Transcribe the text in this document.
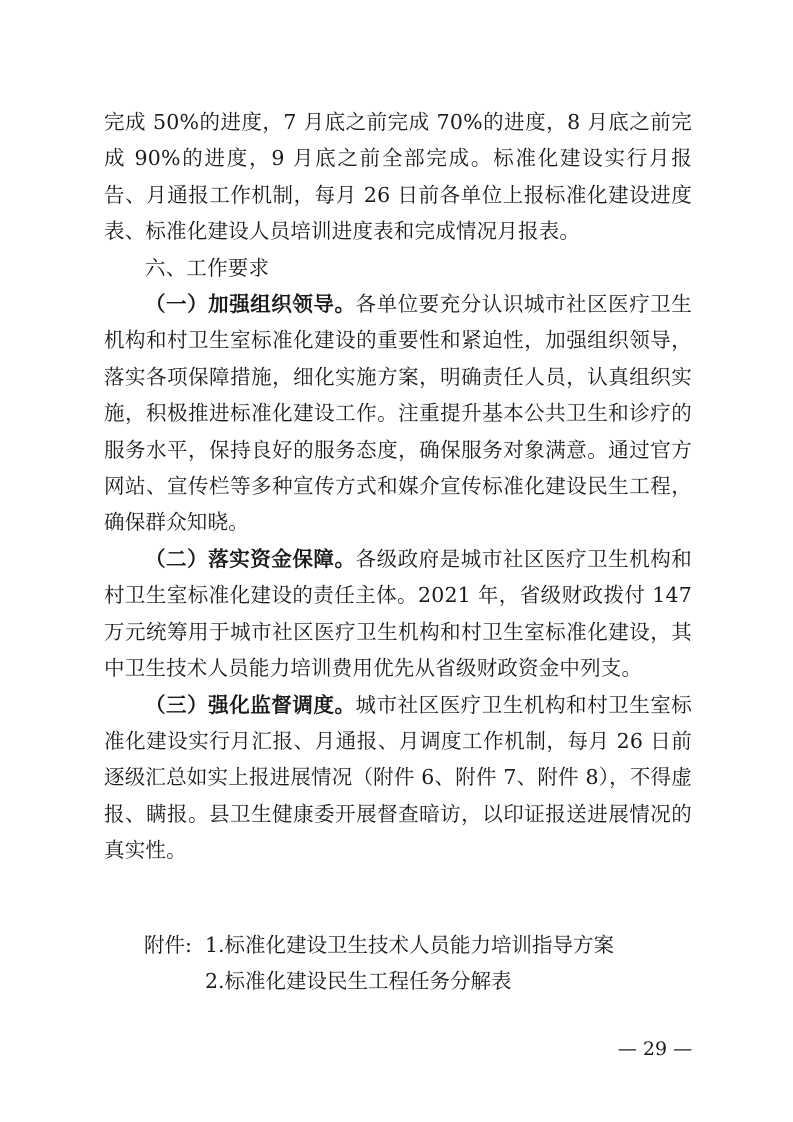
完成 50%的进度，7 月底之前完成 70%的进度，8 月底之前完成 90%的进度，9 月底之前全部完成。标准化建设实行月报告、月通报工作机制，每月 26 日前各单位上报标准化建设进度表、标准化建设人员培训进度表和完成情况月报表。

六、工作要求

（一）加强组织领导。各单位要充分认识城市社区医疗卫生机构和村卫生室标准化建设的重要性和紧迫性，加强组织领导，落实各项保障措施，细化实施方案，明确责任人员，认真组织实施，积极推进标准化建设工作。注重提升基本公共卫生和诊疗的服务水平，保持良好的服务态度，确保服务对象满意。通过官方网站、宣传栏等多种宣传方式和媒介宣传标准化建设民生工程，确保群众知晓。

（二）落实资金保障。各级政府是城市社区医疗卫生机构和村卫生室标准化建设的责任主体。2021 年，省级财政拨付 147 万元统筹用于城市社区医疗卫生机构和村卫生室标准化建设，其中卫生技术人员能力培训费用优先从省级财政资金中列支。

（三）强化监督调度。城市社区医疗卫生机构和村卫生室标准化建设实行月汇报、月通报、月调度工作机制，每月 26 日前逐级汇总如实上报进展情况（附件 6、附件 7、附件 8），不得虚报、瞒报。县卫生健康委开展督查暗访，以印证报送进展情况的真实性。

附件: 1.标准化建设卫生技术人员能力培训指导方案
2.标准化建设民生工程任务分解表
— 29 —
